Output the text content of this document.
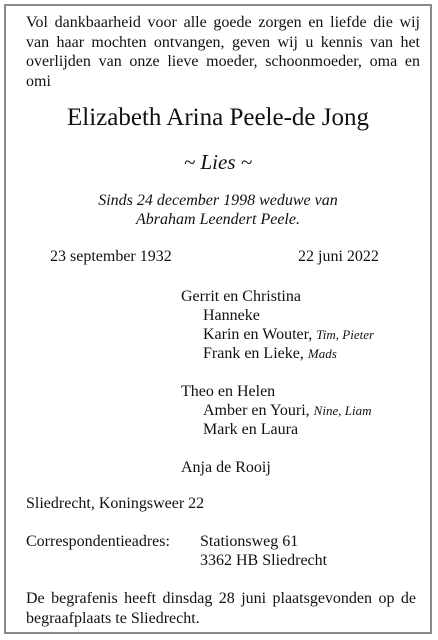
Vol dankbaarheid voor alle goede zorgen en liefde die wij van haar mochten ontvangen, geven wij u kennis van het overlijden van onze lieve moeder, schoonmoeder, oma en omi
Elizabeth Arina Peele-de Jong
~ Lies ~
Sinds 24 december 1998 weduwe van
Abraham Leendert Peele.
23 september 1932	22 juni 2022
Gerrit en Christina
Hanneke
Karin en Wouter, Tim, Pieter
Frank en Lieke, Mads
Theo en Helen
Amber en Youri, Nine, Liam
Mark en Laura
Anja de Rooij
Sliedrecht, Koningsweer 22
Correspondentieadres: Stationsweg 61
3362 HB Sliedrecht
De begrafenis heeft dinsdag 28 juni plaatsgevonden op de begraafplaats te Sliedrecht.
